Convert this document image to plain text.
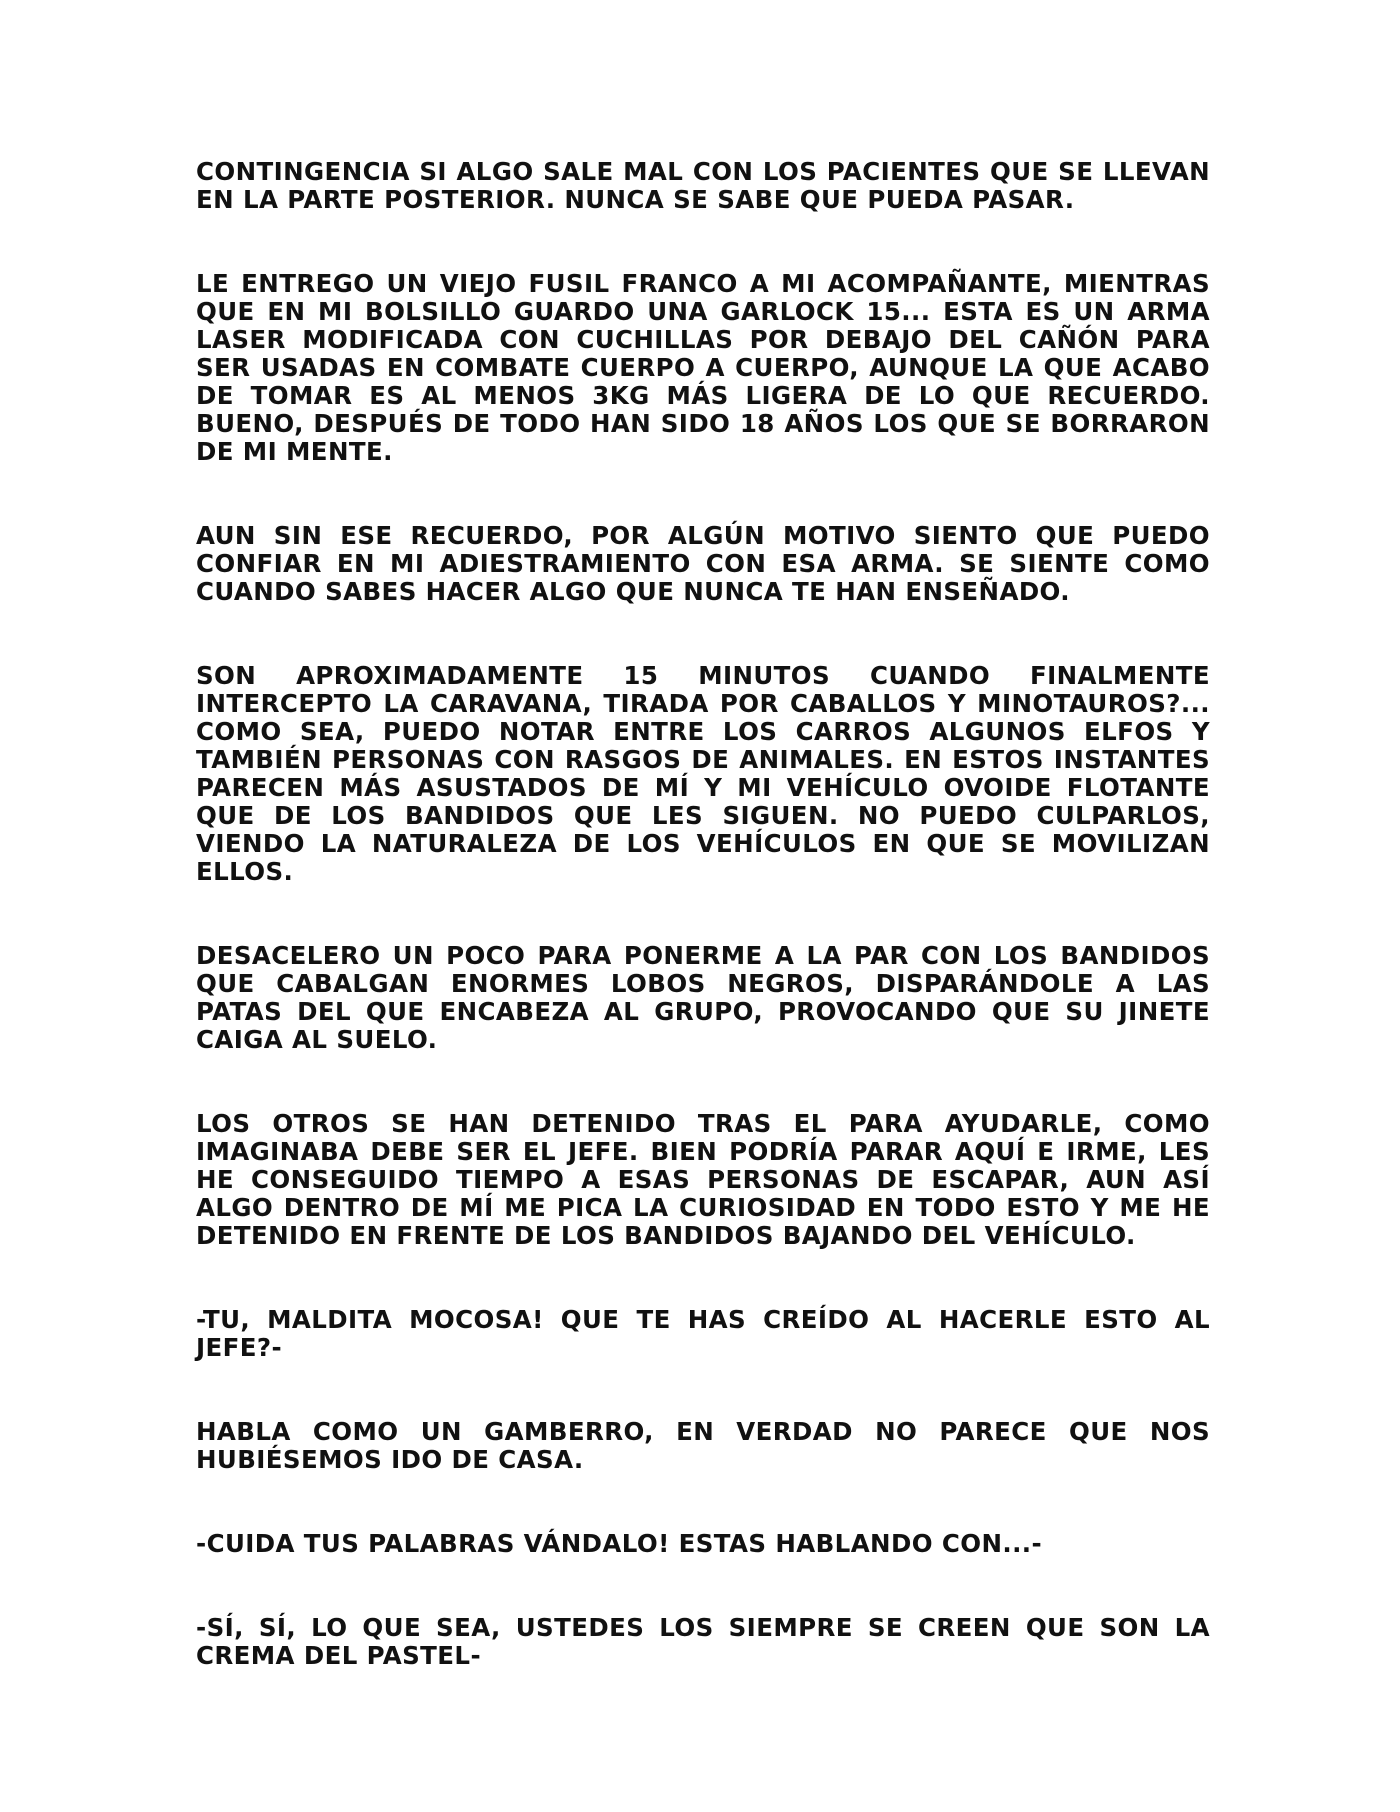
CONTINGENCIA SI ALGO SALE MAL CON LOS PACIENTES QUE SE LLEVAN EN LA PARTE POSTERIOR. NUNCA SE SABE QUE PUEDA PASAR.

LE ENTREGO UN VIEJO FUSIL FRANCO A MI ACOMPAÑANTE, MIENTRAS QUE EN MI BOLSILLO GUARDO UNA GARLOCK 15... ESTA ES UN ARMA LASER MODIFICADA CON CUCHILLAS POR DEBAJO DEL CAÑÓN PARA SER USADAS EN COMBATE CUERPO A CUERPO, AUNQUE LA QUE ACABO DE TOMAR ES AL MENOS 3KG MÁS LIGERA DE LO QUE RECUERDO. BUENO, DESPUÉS DE TODO HAN SIDO 18 AÑOS LOS QUE SE BORRARON DE MI MENTE.

AUN SIN ESE RECUERDO, POR ALGÚN MOTIVO SIENTO QUE PUEDO CONFIAR EN MI ADIESTRAMIENTO CON ESA ARMA. SE SIENTE COMO CUANDO SABES HACER ALGO QUE NUNCA TE HAN ENSEÑADO.

SON APROXIMADAMENTE 15 MINUTOS CUANDO FINALMENTE INTERCEPTO LA CARAVANA, TIRADA POR CABALLOS Y MINOTAUROS?... COMO SEA, PUEDO NOTAR ENTRE LOS CARROS ALGUNOS ELFOS Y TAMBIÉN PERSONAS CON RASGOS DE ANIMALES. EN ESTOS INSTANTES PARECEN MÁS ASUSTADOS DE MÍ Y MI VEHÍCULO OVOIDE FLOTANTE QUE DE LOS BANDIDOS QUE LES SIGUEN. NO PUEDO CULPARLOS, VIENDO LA NATURALEZA DE LOS VEHÍCULOS EN QUE SE MOVILIZAN ELLOS.

DESACELERO UN POCO PARA PONERME A LA PAR CON LOS BANDIDOS QUE CABALGAN ENORMES LOBOS NEGROS, DISPARÁNDOLE A LAS PATAS DEL QUE ENCABEZA AL GRUPO, PROVOCANDO QUE SU JINETE CAIGA AL SUELO.

LOS OTROS SE HAN DETENIDO TRAS EL PARA AYUDARLE, COMO IMAGINABA DEBE SER EL JEFE. BIEN PODRÍA PARAR AQUÍ E IRME, LES HE CONSEGUIDO TIEMPO A ESAS PERSONAS DE ESCAPAR, AUN ASÍ ALGO DENTRO DE MÍ ME PICA LA CURIOSIDAD EN TODO ESTO Y ME HE DETENIDO EN FRENTE DE LOS BANDIDOS BAJANDO DEL VEHÍCULO.

-TU, MALDITA MOCOSA! QUE TE HAS CREÍDO AL HACERLE ESTO AL JEFE?-

HABLA COMO UN GAMBERRO, EN VERDAD NO PARECE QUE NOS HUBIÉSEMOS IDO DE CASA.

-CUIDA TUS PALABRAS VÁNDALO! ESTAS HABLANDO CON...-

-SÍ, SÍ, LO QUE SEA, USTEDES LOS SIEMPRE SE CREEN QUE SON LA CREMA DEL PASTEL-
